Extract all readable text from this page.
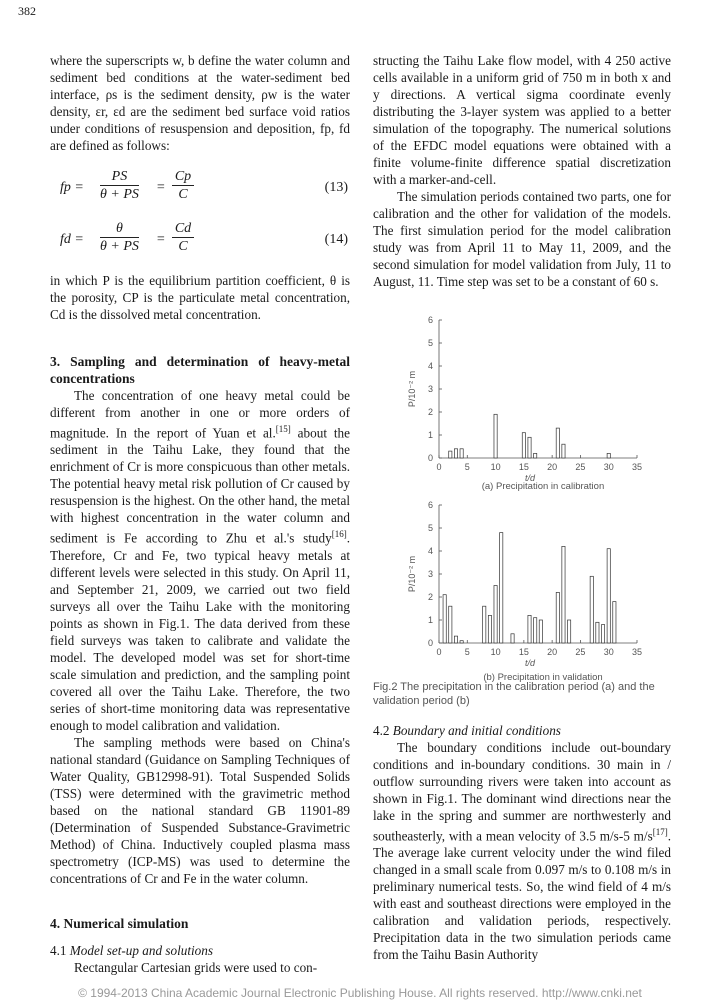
382

where the superscripts w, b define the water column and sediment bed conditions at the water-sediment bed interface, ρs is the sediment density, ρw is the water density, εr, εd are the sediment bed surface void ratios under conditions of resuspension and deposition, fp, fd are defined as follows:

fp = $\frac{PS}{\theta + PS} = \frac{Cp}{C}$	(13)
fd = $\frac{\theta}{\theta + PS} = \frac{Cd}{C}$	(14)

in which P is the equilibrium partition coefficient, θ is the porosity, CP is the particulate metal concentration, Cd is the dissolved metal concentration.

3. Sampling and determination of heavy-metal concentrations

The concentration of one heavy metal could be different from another in one or more orders of magnitude. In the report of Yuan et al.[15] about the sediment in the Taihu Lake, they found that the enrichment of Cr is more conspicuous than other metals. The potential heavy metal risk pollution of Cr caused by resuspension is the highest. On the other hand, the metal with highest concentration in the water column and sediment is Fe according to Zhu et al.'s study[16]. Therefore, Cr and Fe, two typical heavy metals at different levels were selected in this study. On April 11, and September 21, 2009, we carried out two field surveys all over the Taihu Lake with the monitoring points as shown in Fig.1. The data derived from these field surveys was taken to calibrate and validate the model. The developed model was set for short-time scale simulation and prediction, and the sampling point covered all over the Taihu Lake. Therefore, the two series of short-time monitoring data was representative enough to model calibration and validation.

The sampling methods were based on China's national standard (Guidance on Sampling Techniques of Water Quality, GB12998-91). Total Suspended Solids (TSS) were determined with the gravimetric method based on the national standard GB 11901-89 (Determination of Suspended Substance-Gravimetric Method) of China. Inductively coupled plasma mass spectrometry (ICP-MS) was used to determine the concentrations of Cr and Fe in the water column.

4. Numerical simulation
4.1 Model set-up and solutions

Rectangular Cartesian grids were used to con-

structing the Taihu Lake flow model, with 4 250 active cells available in a uniform grid of 750 m in both x and y directions. A vertical sigma coordinate evenly distributing the 3-layer system was applied to a better simulation of the topography. The numerical solutions of the EFDC model equations were obtained with a finite volume-finite difference spatial discretization with a marker-and-cell.

The simulation periods contained two parts, one for calibration and the other for validation of the models. The first simulation period for the model calibration study was from April 11 to May 11, 2009, and the second simulation for model validation from July, 11 to August, 11. Time step was set to be a constant of 60 s.

0
1
2
3
4
5
6
0	5 10 15 20 25 30 35
t/d
P/10⁻² m
(a) Precipitation in calibration

0
1
2
3
4
5
6
0	5 10 15 20 25 30 35
t/d
P/10⁻² m
(b) Precipitation in validation
Fig.2 The precipitation in the calibration period (a) and the validation period (b)
4.2 Boundary and initial conditions

The boundary conditions include out-boundary conditions and in-boundary conditions. 30 main in / outflow surrounding rivers were taken into account as shown in Fig.1. The dominant wind directions near the lake in the spring and summer are northwesterly and southeasterly, with a mean velocity of 3.5 m/s-5 m/s[17]. The average lake current velocity under the wind filed changed in a small scale from 0.097 m/s to 0.108 m/s in preliminary numerical tests. So, the wind field of 4 m/s with east and southeast directions were employed in the calibration and validation periods, respectively. Precipitation data in the two simulation periods came from the Taihu Basin Authority

© 1994-2013 China Academic Journal Electronic Publishing House. All rights reserved. http://www.cnki.net
